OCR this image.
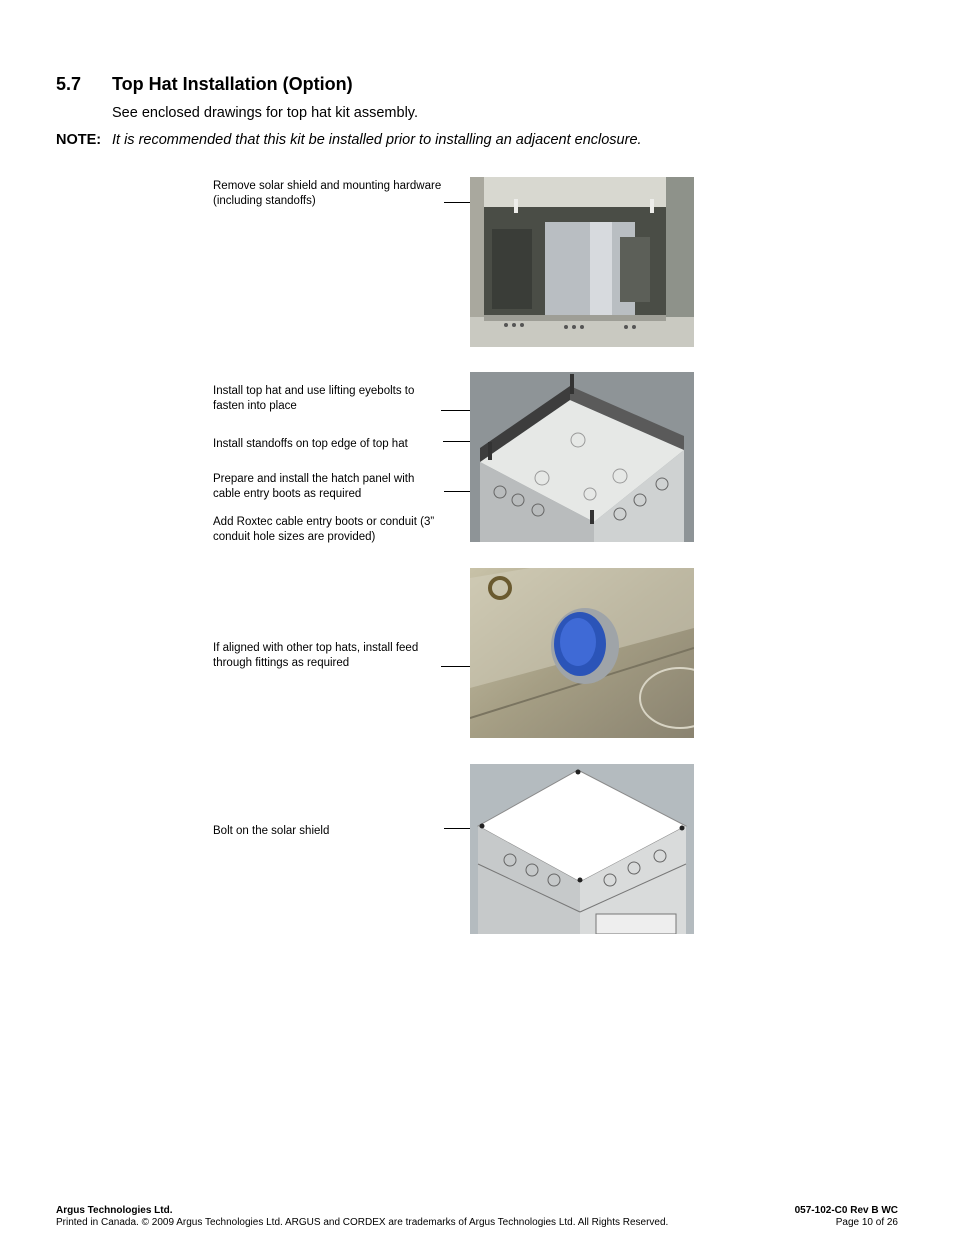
5.7 Top Hat Installation (Option)
See enclosed drawings for top hat kit assembly.
NOTE: It is recommended that this kit be installed prior to installing an adjacent enclosure.
Remove solar shield and mounting hardware (including standoffs)
Install top hat and use lifting eyebolts to fasten into place
Install standoffs on top edge of top hat
Prepare and install the hatch panel with cable entry boots as required
Add Roxtec cable entry boots or conduit (3” conduit hole sizes are provided)
If aligned with other top hats, install feed through fittings as required
Bolt on the solar shield
Argus Technologies Ltd.
Printed in Canada. © 2009 Argus Technologies Ltd. ARGUS and CORDEX are trademarks of Argus Technologies Ltd. All Rights Reserved.
057-102-C0 Rev B WC
Page 10 of 26
